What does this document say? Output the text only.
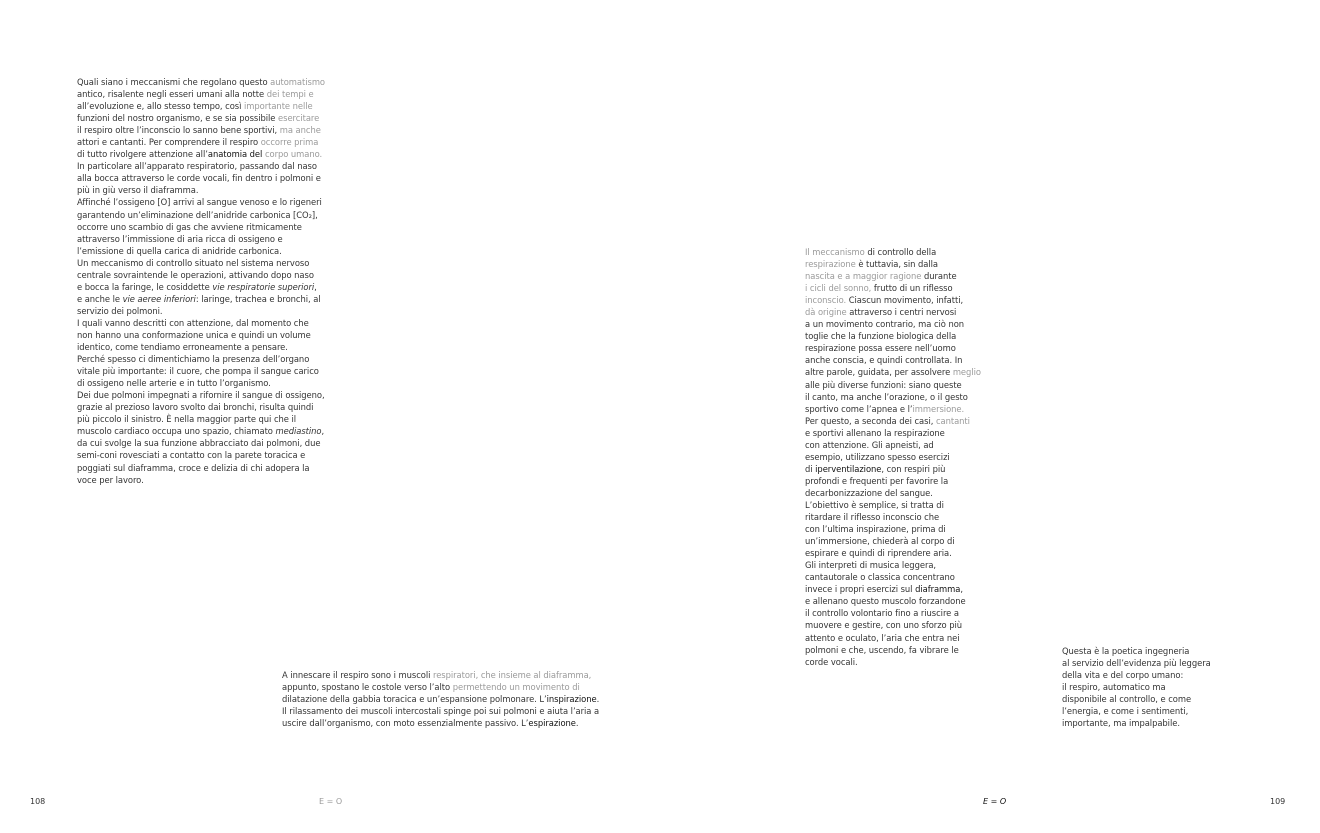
Quali siano i meccanismi che regolano questo automatismo
antico, risalente negli esseri umani alla notte dei tempi e
all’evoluzione e, allo stesso tempo, così importante nelle
funzioni del nostro organismo, e se sia possibile esercitare
il respiro oltre l’inconscio lo sanno bene sportivi, ma anche
attori e cantanti. Per comprendere il respiro occorre prima
di tutto rivolgere attenzione all’anatomia del corpo umano.
In particolare all’apparato respiratorio, passando dal naso
alla bocca attraverso le corde vocali, fin dentro i polmoni e
più in giù verso il diaframma.
Affinché l’ossigeno [O] arrivi al sangue venoso e lo rigeneri
garantendo un’eliminazione dell’anidride carbonica [CO₂],
occorre uno scambio di gas che avviene ritmicamente
attraverso l’immissione di aria ricca di ossigeno e
l’emissione di quella carica di anidride carbonica.
Un meccanismo di controllo situato nel sistema nervoso
centrale sovraintende le operazioni, attivando dopo naso
e bocca la faringe, le cosiddette vie respiratorie superiori,
e anche le vie aeree inferiori: laringe, trachea e bronchi, al
servizio dei polmoni.
I quali vanno descritti con attenzione, dal momento che
non hanno una conformazione unica e quindi un volume
identico, come tendiamo erroneamente a pensare.
Perché spesso ci dimentichiamo la presenza dell’organo
vitale più importante: il cuore, che pompa il sangue carico
di ossigeno nelle arterie e in tutto l’organismo.
Dei due polmoni impegnati a rifornire il sangue di ossigeno,
grazie al prezioso lavoro svolto dai bronchi, risulta quindi
più piccolo il sinistro. È nella maggior parte qui che il
muscolo cardiaco occupa uno spazio, chiamato mediastino,
da cui svolge la sua funzione abbracciato dai polmoni, due
semi-coni rovesciati a contatto con la parete toracica e
poggiati sul diaframma, croce e delizia di chi adopera la
voce per lavoro.
A innescare il respiro sono i muscoli respiratori, che insieme al diaframma,
appunto, spostano le costole verso l’alto permettendo un movimento di
dilatazione della gabbia toracica e un’espansione polmonare. L’inspirazione.
Il rilassamento dei muscoli intercostali spinge poi sui polmoni e aiuta l’aria a
uscire dall’organismo, con moto essenzialmente passivo. L’espirazione.
Il meccanismo di controllo della
respirazione è tuttavia, sin dalla
nascita e a maggior ragione durante
i cicli del sonno, frutto di un riflesso
inconscio. Ciascun movimento, infatti,
dà origine attraverso i centri nervosi
a un movimento contrario, ma ciò non
toglie che la funzione biologica della
respirazione possa essere nell’uomo
anche conscia, e quindi controllata. In
altre parole, guidata, per assolvere meglio
alle più diverse funzioni: siano queste
il canto, ma anche l’orazione, o il gesto
sportivo come l’apnea e l’immersione.
Per questo, a seconda dei casi, cantanti
e sportivi allenano la respirazione
con attenzione. Gli apneisti, ad
esempio, utilizzano spesso esercizi
di iperventilazione, con respiri più
profondi e frequenti per favorire la
decarbonizzazione del sangue.
L’obiettivo è semplice, si tratta di
ritardare il riflesso inconscio che
con l’ultima inspirazione, prima di
un’immersione, chiederà al corpo di
espirare e quindi di riprendere aria.
Gli interpreti di musica leggera,
cantautorale o classica concentrano
invece i propri esercizi sul diaframma,
e allenano questo muscolo forzandone
il controllo volontario fino a riuscire a
muovere e gestire, con uno sforzo più
attento e oculato, l’aria che entra nei
polmoni e che, uscendo, fa vibrare le
corde vocali.
Questa è la poetica ingegneria
al servizio dell’evidenza più leggera
della vita e del corpo umano:
il respiro, automatico ma
disponibile al controllo, e come
l’energia, e come i sentimenti,
importante, ma impalpabile.
108	E = O	E = O	109
